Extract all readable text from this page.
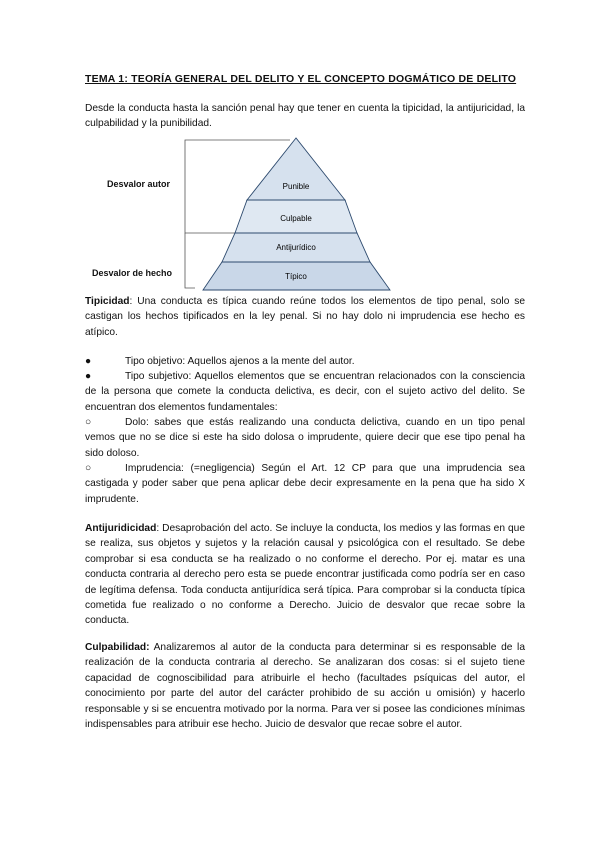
TEMA 1: TEORÍA GENERAL DEL DELITO Y EL CONCEPTO DOGMÁTICO DE DELITO
Desde la conducta hasta la sanción penal hay que tener en cuenta la tipicidad, la antijuricidad, la culpabilidad y la punibilidad.
Desvalor autor
Desvalor de hecho
Punible
Culpable
Antijurídico
Típico
Tipicidad: Una conducta es típica cuando reúne todos los elementos de tipo penal, solo se castigan los hechos tipificados en la ley penal. Si no hay dolo ni imprudencia ese hecho es atípico.
●	Tipo objetivo: Aquellos ajenos a la mente del autor.
●	Tipo subjetivo: Aquellos elementos que se encuentran relacionados con la consciencia de la persona que comete la conducta delictiva, es decir, con el sujeto activo del delito. Se encuentran dos elementos fundamentales:
○	Dolo: sabes que estás realizando una conducta delictiva, cuando en un tipo penal vemos que no se dice si este ha sido dolosa o imprudente, quiere decir que ese tipo penal ha sido doloso.
○	Imprudencia: (=negligencia) Según el Art. 12 CP para que una imprudencia sea castigada y poder saber que pena aplicar debe decir expresamente en la pena que ha sido X imprudente.
Antijuridicidad: Desaprobación del acto. Se incluye la conducta, los medios y las formas en que se realiza, sus objetos y sujetos y la relación causal y psicológica con el resultado. Se debe comprobar si esa conducta se ha realizado o no conforme el derecho. Por ej. matar es una conducta contraria al derecho pero esta se puede encontrar justificada como podría ser en caso de legítima defensa. Toda conducta antijurídica será típica. Para comprobar si la conducta típica cometida fue realizado o no conforme a Derecho. Juicio de desvalor que recae sobre la conducta.
Culpabilidad: Analizaremos al autor de la conducta para determinar si es responsable de la realización de la conducta contraria al derecho. Se analizaran dos cosas: si el sujeto tiene capacidad de cognoscibilidad para atribuirle el hecho (facultades psíquicas del autor, el conocimiento por parte del autor del carácter prohibido de su acción u omisión) y hacerlo responsable y si se encuentra motivado por la norma. Para ver si posee las condiciones mínimas indispensables para atribuir ese hecho. Juicio de desvalor que recae sobre el autor.
